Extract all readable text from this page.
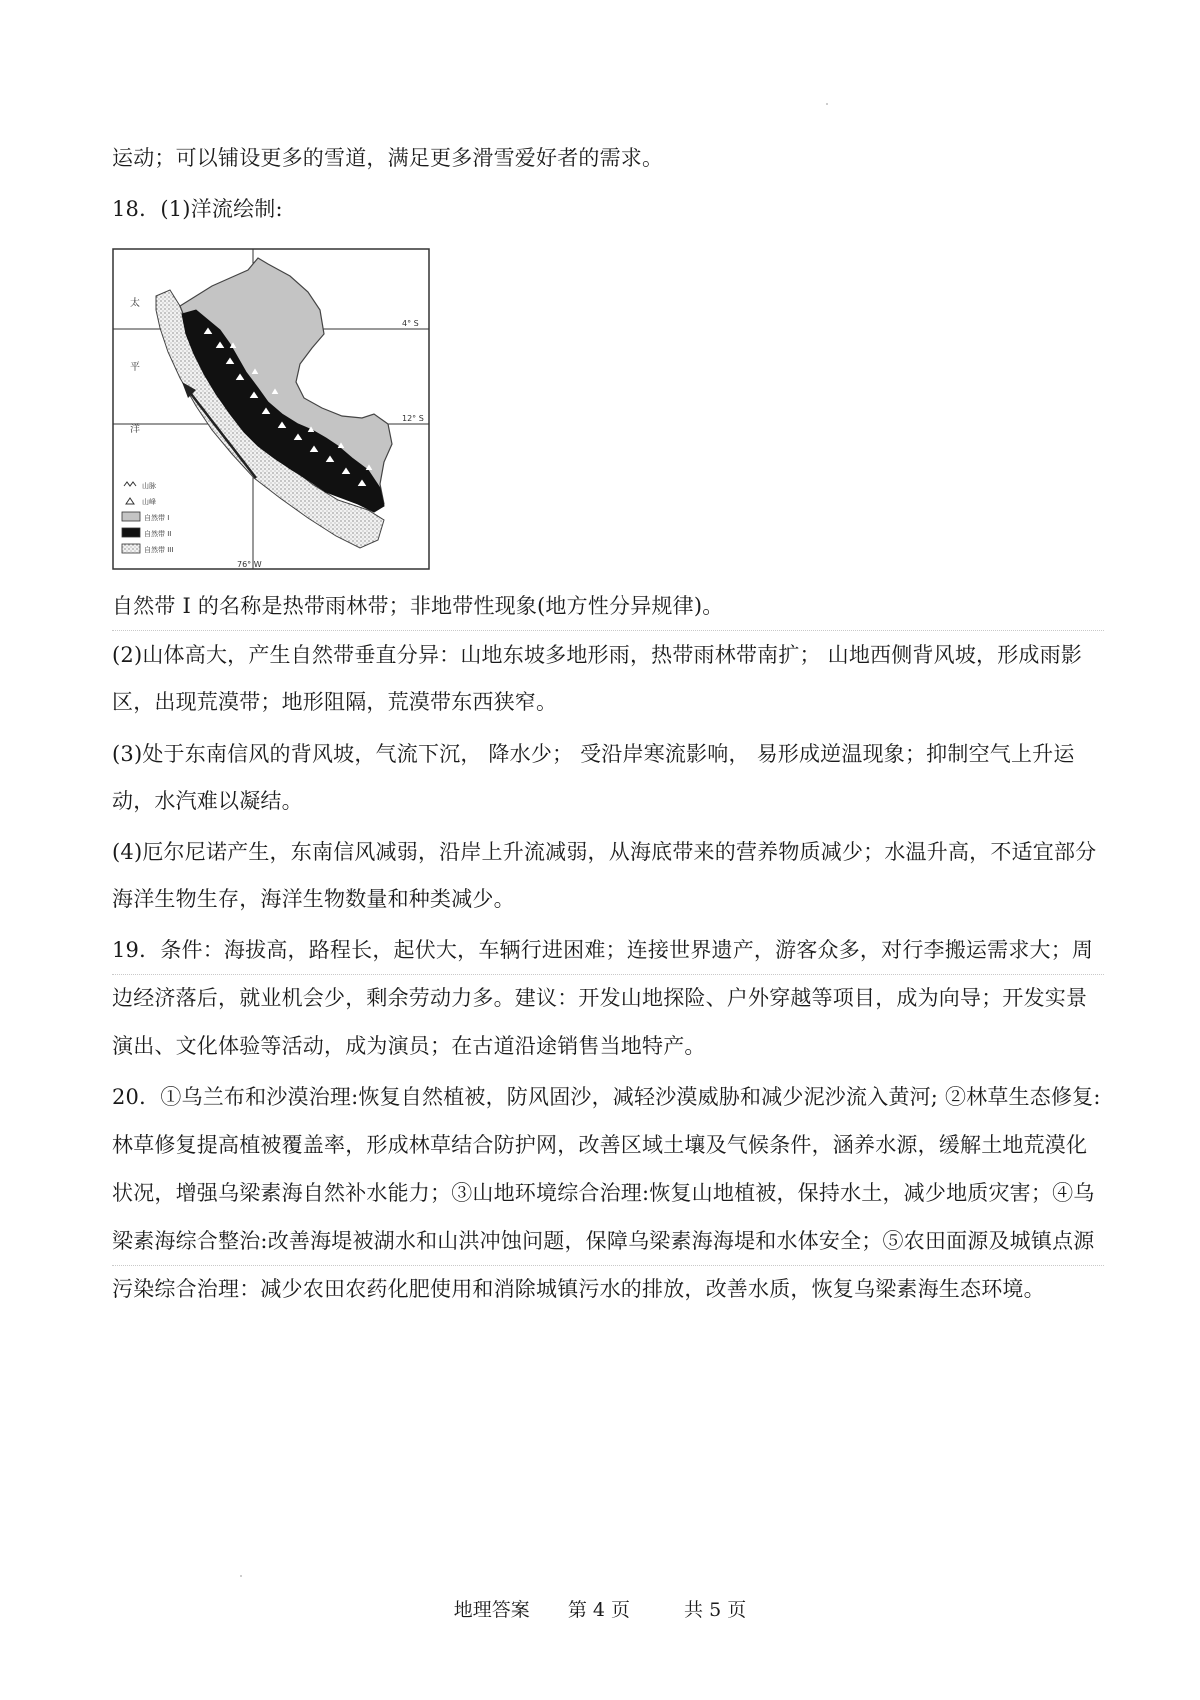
运动；可以铺设更多的雪道，满足更多滑雪爱好者的需求。
18．(1)洋流绘制:
太
平
洋
4° S
12° S
山脉
山峰
自然带 I
自然带 II
自然带 III
76° W
自然带 I 的名称是热带雨林带；非地带性现象(地方性分异规律)。
(2)山体高大，产生自然带垂直分异：山地东坡多地形雨，热带雨林带南扩； 山地西侧背风坡，形成雨影
区，出现荒漠带；地形阻隔，荒漠带东西狭窄。
(3)处于东南信风的背风坡，气流下沉， 降水少； 受沿岸寒流影响， 易形成逆温现象；抑制空气上升运
动，水汽难以凝结。
(4)厄尔尼诺产生，东南信风减弱，沿岸上升流减弱，从海底带来的营养物质减少；水温升高，不适宜部分
海洋生物生存，海洋生物数量和种类减少。
19．条件：海拔高，路程长，起伏大，车辆行进困难；连接世界遗产，游客众多，对行李搬运需求大；周
边经济落后，就业机会少，剩余劳动力多。建议：开发山地探险、户外穿越等项目，成为向导；开发实景
演出、文化体验等活动，成为演员；在古道沿途销售当地特产。
20．①乌兰布和沙漠治理:恢复自然植被，防风固沙，减轻沙漠威胁和减少泥沙流入黄河; ②林草生态修复:
林草修复提高植被覆盖率，形成林草结合防护网，改善区域土壤及气候条件，涵养水源，缓解土地荒漠化
状况，增强乌梁素海自然补水能力；③山地环境综合治理:恢复山地植被，保持水土，减少地质灾害；④乌
梁素海综合整治:改善海堤被湖水和山洪冲蚀问题，保障乌梁素海海堤和水体安全；⑤农田面源及城镇点源
污染综合治理：减少农田农药化肥使用和消除城镇污水的排放，改善水质，恢复乌梁素海生态环境。
地理答案 第 4 页	共 5 页
